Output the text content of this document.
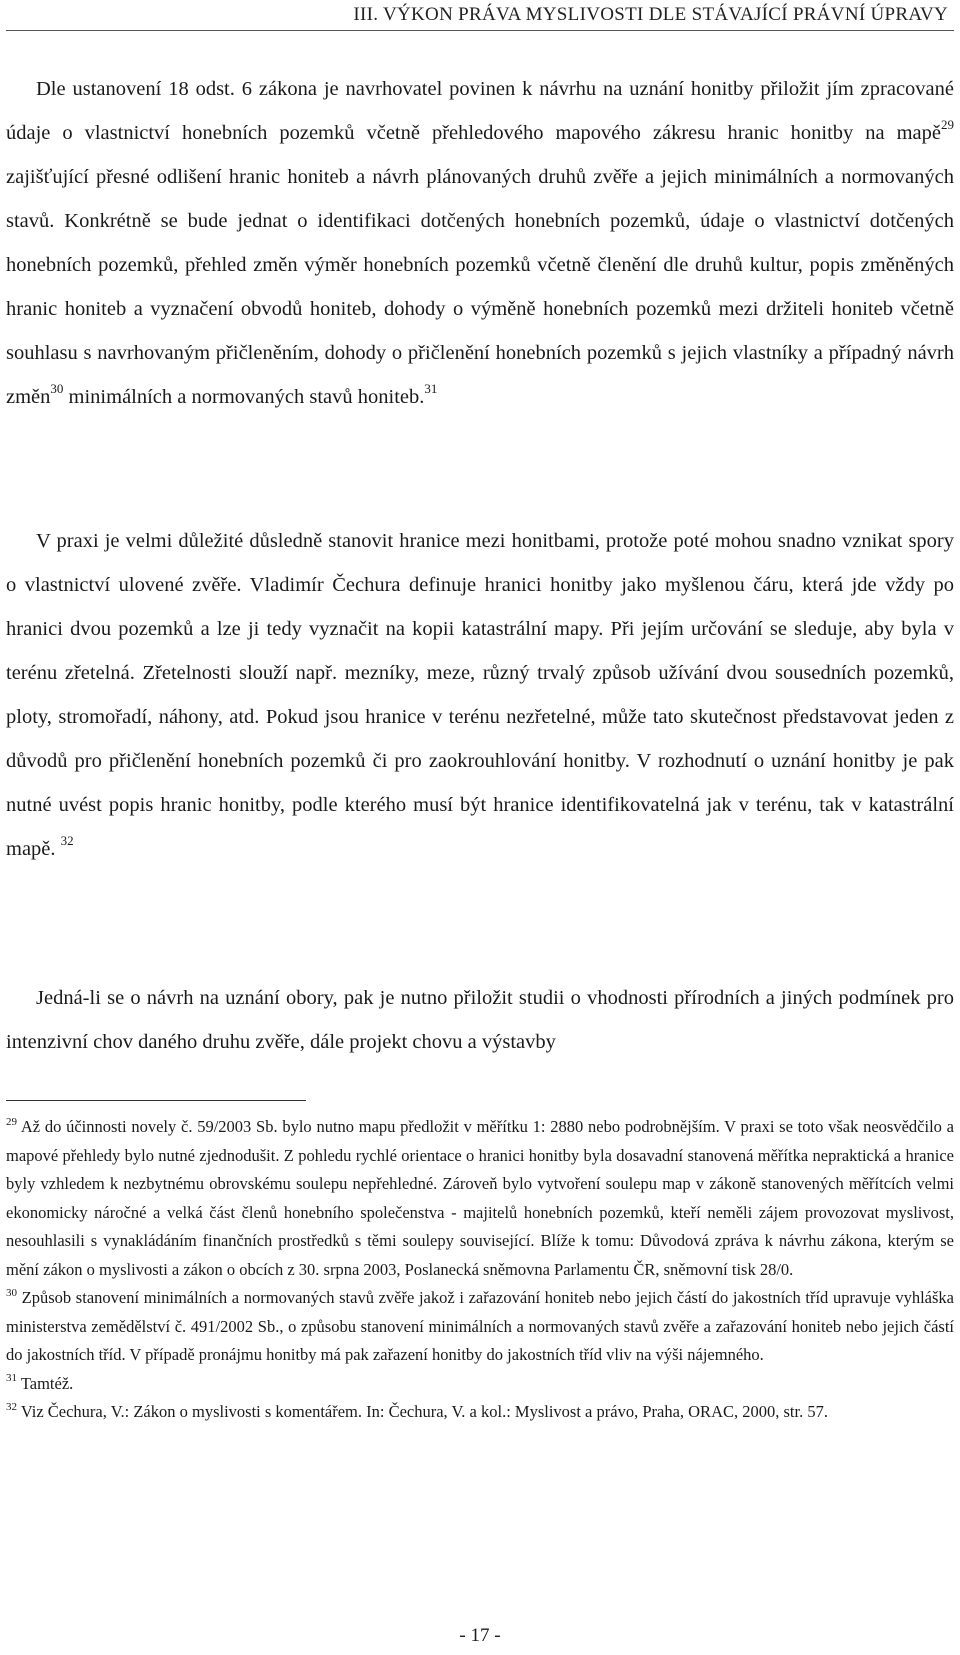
III. VÝKON PRÁVA MYSLIVOSTI DLE STÁVAJÍCÍ PRÁVNÍ ÚPRAVY

Dle ustanovení 18 odst. 6 zákona je navrhovatel povinen k návrhu na uznání honitby přiložit jím zpracované údaje o vlastnictví honebních pozemků včetně přehledového mapového zákresu hranic honitby na mapě$^{29}$ zajišťující přesné odlišení hranic honiteb a návrh plánovaných druhů zvěře a jejich minimálních a normovaných stavů. Konkrétně se bude jednat o identifikaci dotčených honebních pozemků, údaje o vlastnictví dotčených honebních pozemků, přehled změn výměr honebních pozemků včetně členění dle druhů kultur, popis změněných hranic honiteb a vyznačení obvodů honiteb, dohody o výměně honebních pozemků mezi držiteli honiteb včetně souhlasu s navrhovaným přičleněním, dohody o přičlenění honebních pozemků s jejich vlastníky a případný návrh změn$^{30}$ minimálních a normovaných stavů honiteb.$^{31}$

V praxi je velmi důležité důsledně stanovit hranice mezi honitbami, protože poté mohou snadno vznikat spory o vlastnictví ulovené zvěře. Vladimír Čechura definuje hranici honitby jako myšlenou čáru, která jde vždy po hranici dvou pozemků a lze ji tedy vyznačit na kopii katastrální mapy. Při jejím určování se sleduje, aby byla v terénu zřetelná. Zřetelnosti slouží např. mezníky, meze, různý trvalý způsob užívání dvou sousedních pozemků, ploty, stromořadí, náhony, atd. Pokud jsou hranice v terénu nezřetelné, může tato skutečnost představovat jeden z důvodů pro přičlenění honebních pozemků či pro zaokrouhlování honitby. V rozhodnutí o uznání honitby je pak nutné uvést popis hranic honitby, podle kterého musí být hranice identifikovatelná jak v terénu, tak v katastrální mapě. $^{32}$

Jedná-li se o návrh na uznání obory, pak je nutno přiložit studii o vhodnosti přírodních a jiných podmínek pro intenzivní chov daného druhu zvěře, dále projekt chovu a výstavby

$^{29}$ Až do účinnosti novely č. 59/2003 Sb. bylo nutno mapu předložit v měřítku 1: 2880 nebo podrobnějším. V praxi se toto však neosvědčilo a mapové přehledy bylo nutné zjednodušit. Z pohledu rychlé orientace o hranici honitby byla dosavadní stanovená měřítka nepraktická a hranice byly vzhledem k nezbytnému obrovskému soulepu nepřehledné. Zároveň bylo vytvoření soulepu map v zákoně stanovených měřítcích velmi ekonomicky náročné a velká část členů honebního společenstva - majitelů honebních pozemků, kteří neměli zájem provozovat myslivost, nesouhlasili s vynakládáním finančních prostředků s těmi soulepy související. Blíže k tomu: Důvodová zpráva k návrhu zákona, kterým se mění zákon o myslivosti a zákon o obcích z 30. srpna 2003, Poslanecká sněmovna Parlamentu ČR, sněmovní tisk 28/0.

$^{30}$ Způsob stanovení minimálních a normovaných stavů zvěře jakož i zařazování honiteb nebo jejich částí do jakostních tříd upravuje vyhláška ministerstva zemědělství č. 491/2002 Sb., o způsobu stanovení minimálních a normovaných stavů zvěře a zařazování honiteb nebo jejich částí do jakostních tříd. V případě pronájmu honitby má pak zařazení honitby do jakostních tříd vliv na výši nájemného.

$^{31}$ Tamtéž.

$^{32}$ Viz Čechura, V.: Zákon o myslivosti s komentářem. In: Čechura, V. a kol.: Myslivost a právo, Praha, ORAC, 2000, str. 57.

- 17 -
